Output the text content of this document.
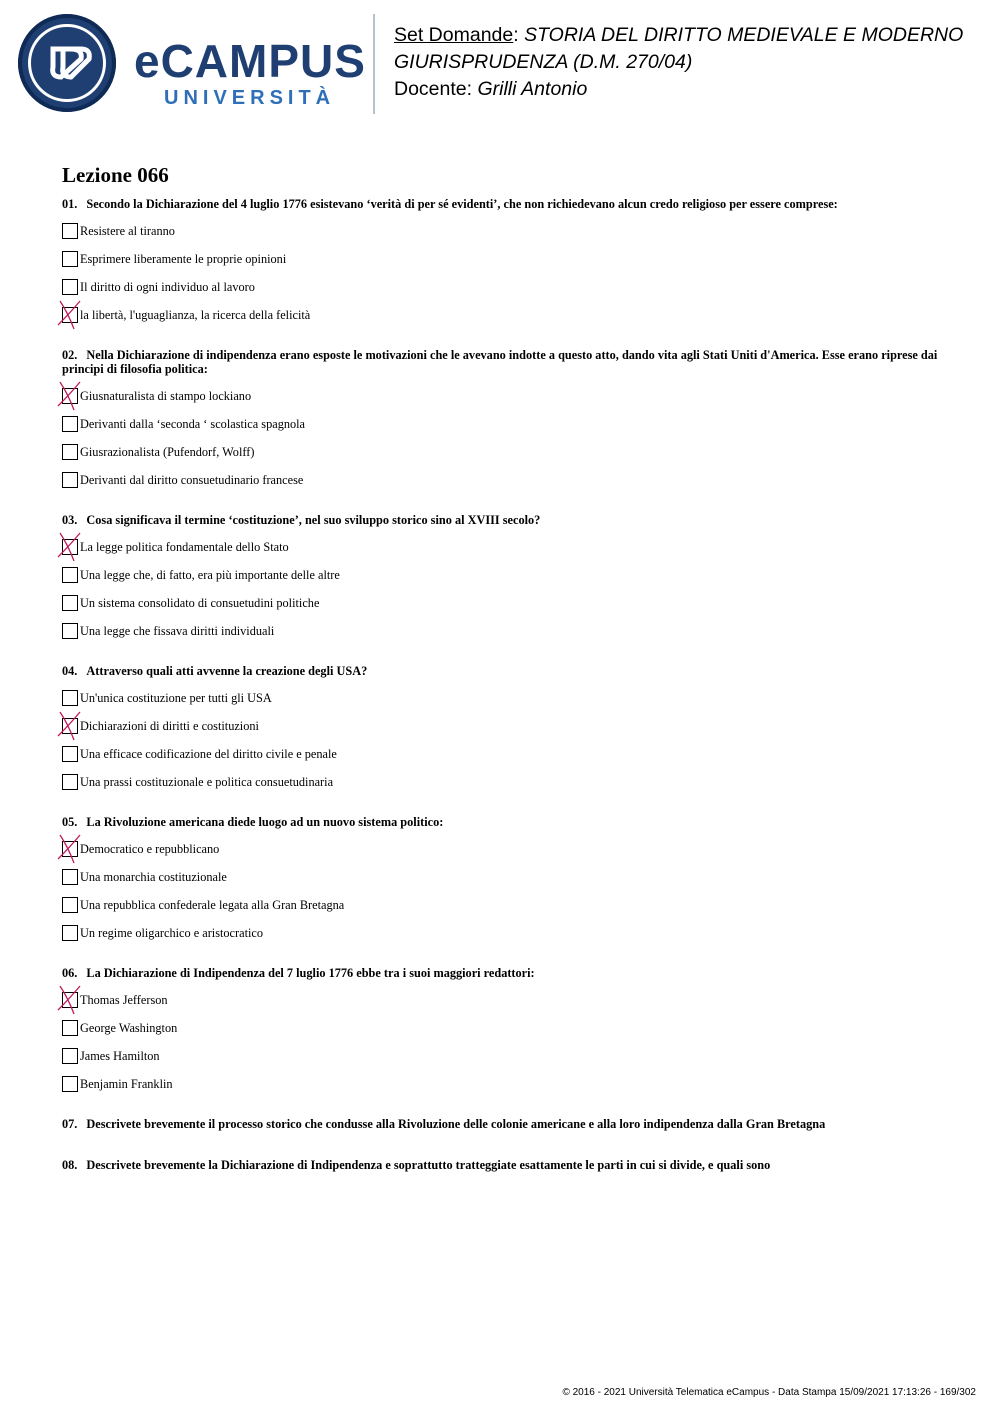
eCAMPUS
UNIVERSITÀ
Set Domande: STORIA DEL DIRITTO MEDIEVALE E MODERNO
GIURISPRUDENZA (D.M. 270/04)
Docente: Grilli Antonio
Lezione 066

01. Secondo la Dichiarazione del 4 luglio 1776 esistevano ‘verità di per sé evidenti’, che non richiedevano alcun credo religioso per essere comprese:

Resistere al tiranno
Esprimere liberamente le proprie opinioni
Il diritto di ogni individuo al lavoro
la libertà, l'uguaglianza, la ricerca della felicità

02. Nella Dichiarazione di indipendenza erano esposte le motivazioni che le avevano indotte a questo atto, dando vita agli Stati Uniti d'America. Esse erano riprese dai principi di filosofia politica:

Giusnaturalista di stampo lockiano
Derivanti dalla ‘seconda ‘ scolastica spagnola
Giusrazionalista (Pufendorf, Wolff)
Derivanti dal diritto consuetudinario francese

03. Cosa significava il termine ‘costituzione’, nel suo sviluppo storico sino al XVIII secolo?

La legge politica fondamentale dello Stato
Una legge che, di fatto, era più importante delle altre
Un sistema consolidato di consuetudini politiche
Una legge che fissava diritti individuali

04. Attraverso quali atti avvenne la creazione degli USA?

Un'unica costituzione per tutti gli USA
Dichiarazioni di diritti e costituzioni
Una efficace codificazione del diritto civile e penale
Una prassi costituzionale e politica consuetudinaria

05. La Rivoluzione americana diede luogo ad un nuovo sistema politico:

Democratico e repubblicano
Una monarchia costituzionale
Una repubblica confederale legata alla Gran Bretagna
Un regime oligarchico e aristocratico

06. La Dichiarazione di Indipendenza del 7 luglio 1776 ebbe tra i suoi maggiori redattori:

Thomas Jefferson
George Washington
James Hamilton
Benjamin Franklin

07. Descrivete brevemente il processo storico che condusse alla Rivoluzione delle colonie americane e alla loro indipendenza dalla Gran Bretagna

08. Descrivete brevemente la Dichiarazione di Indipendenza e soprattutto tratteggiate esattamente le parti in cui si divide, e quali sono

© 2016 - 2021 Università Telematica eCampus - Data Stampa 15/09/2021 17:13:26 - 169/302
